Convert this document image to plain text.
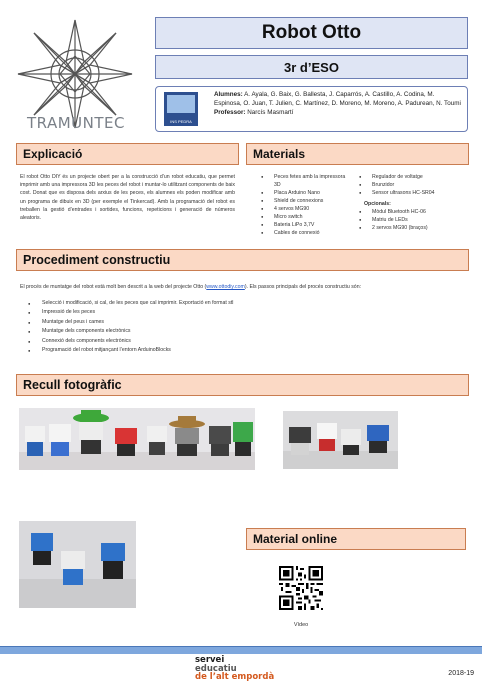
TRAMUNTEC
Robot Otto
3r d’ESO
INS PEDRA
Alumnes: A. Ayala, G. Baix, G. Ballesta, J. Caparrós, A. Castillo, A. Codina, M. Espinosa, O. Juan, T. Julien, C. Martínez, D. Moreno, M. Moreno, A. Padurean, N. Toumi
Professor: Narcís Masmartí
Explicació
El robot Otto DIY és un projecte obert per a la construcció d’un robot educatiu, que permet imprimir amb una impressora 3D les peces del robot i muntar-lo utilitzant components de baix cost. Donat que es disposa dels arxius de les peces, els alumnes els poden modificar amb un programa de dibuix en 3D (per exemple el Tinkercad). Amb la programació del robot es treballen la gestió d’entrades i sortides, funcions, repeticions i generació de números aleatoris.
Materials
● Peces fetes amb la impressora 3D
● Placa Arduino Nano
● Shield de connexions
● 4 servos MG90
● Micro switch
● Bateria LiPo 3,7V
● Cables de connexió
● Regulador de voltatge
● Brunzidor
● Sensor ultrasons HC-SR04
Opcionals:
● Mòdul Bluetooth HC-06
● Matriu de LEDs
● 2 servos MG90 (braços)
Procediment constructiu
El procés de muntatge del robot està molt ben descrit a la web del projecte Otto (www.ottodiy.com). Els passos principals del procés constructiu són:
● Selecció i modificació, si cal, de les peces que cal imprimir. Exportació en format stl
● Impressió de les peces
● Muntatge del peus i cames
● Muntatge dels components electrònics
● Connexió dels components electrònics
● Programació del robot mitjançant l’entorn ArduinoBlocks
Recull fotogràfic
Material online
Vídeo
servei
educatiu
de l’alt empordà	2018-19
